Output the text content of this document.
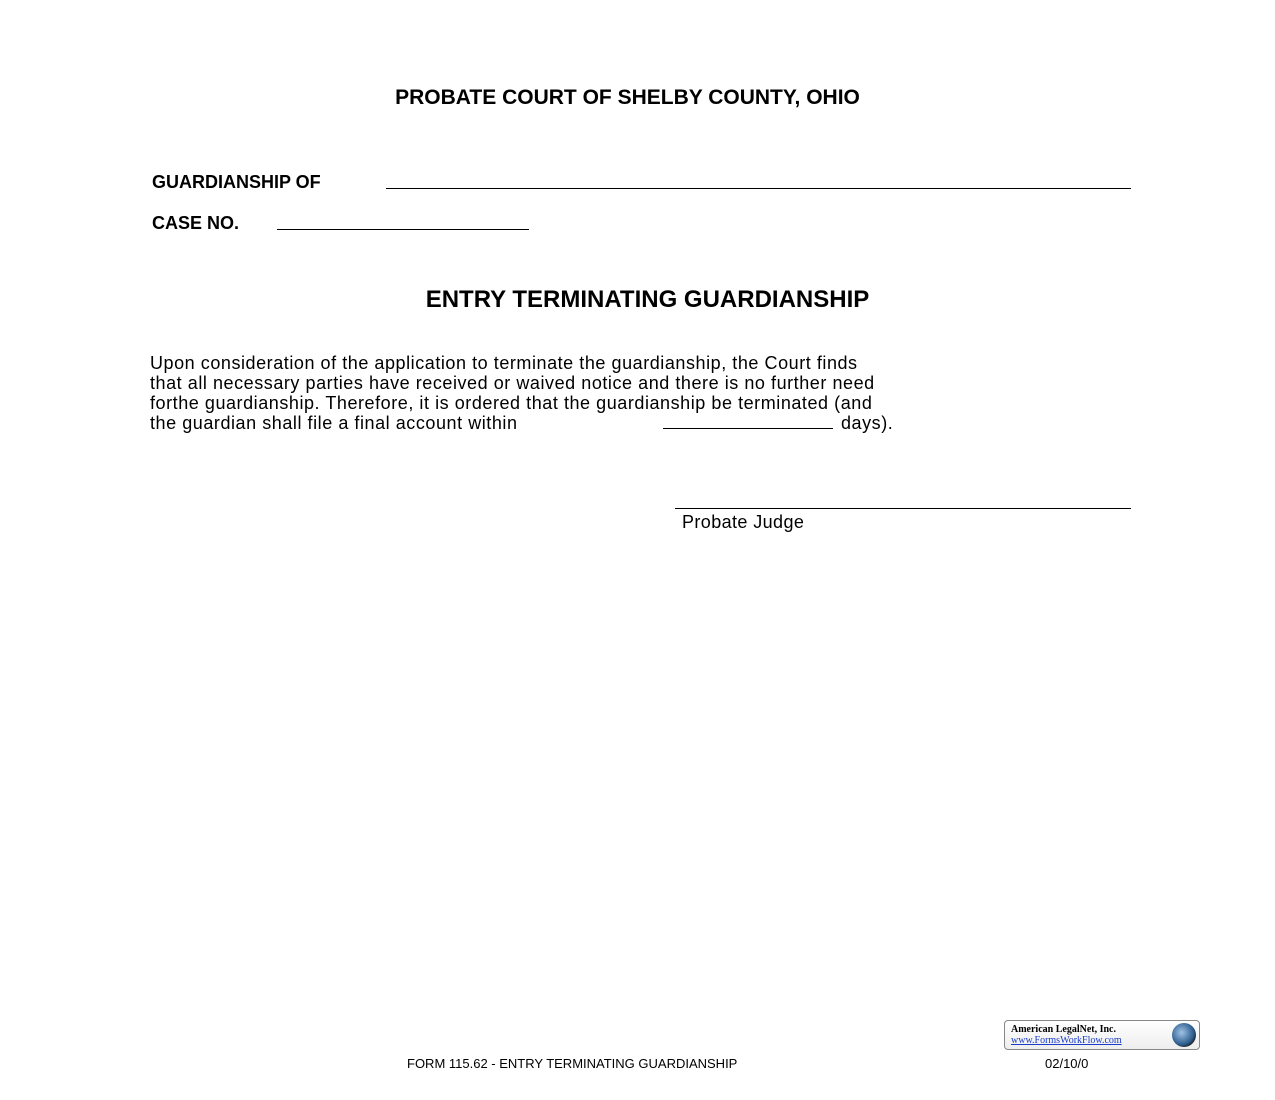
PROBATE COURT OF SHELBY COUNTY, OHIO
GUARDIANSHIP OF
CASE NO.
ENTRY TERMINATING GUARDIANSHIP
Upon consideration of the application to terminate the guardianship, the Court finds
that all necessary parties have received or waived notice and there is no further need
forthe guardianship. Therefore, it is ordered that the guardianship be terminated (and
the guardian shall file a final account within	days).
Probate Judge
American LegalNet, Inc.
www.FormsWorkFlow.com
FORM 115.62 - ENTRY TERMINATING GUARDIANSHIP	02/10/0
